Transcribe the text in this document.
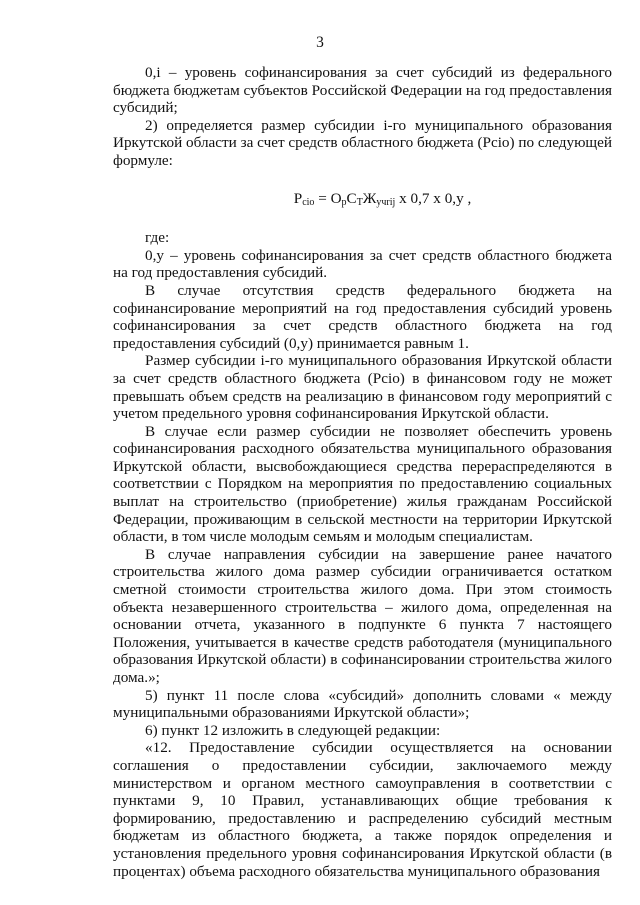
3

0,i – уровень софинансирования за счет субсидий из федерального бюджета бюджетам субъектов Российской Федерации на год предоставления субсидий;

2) определяется размер субсидии i-го муниципального образования Иркутской области за счет средств областного бюджета (Pcio) по следующей формуле:

$P_{cio} = O_pC_TЖ_{учrij}$ x 0,7 x 0,y ,

где:

0,y – уровень софинансирования за счет средств областного бюджета на год предоставления субсидий.

В случае отсутствия средств федерального бюджета на софинансирование мероприятий на год предоставления субсидий уровень софинансирования за счет средств областного бюджета на год предоставления субсидий (0,y) принимается равным 1.

Размер субсидии i-го муниципального образования Иркутской области за счет средств областного бюджета (Pcio) в финансовом году не может превышать объем средств на реализацию в финансовом году мероприятий с учетом предельного уровня софинансирования Иркутской области.

В случае если размер субсидии не позволяет обеспечить уровень софинансирования расходного обязательства муниципального образования Иркутской области, высвобождающиеся средства перераспределяются в соответствии с Порядком на мероприятия по предоставлению социальных выплат на строительство (приобретение) жилья гражданам Российской Федерации, проживающим в сельской местности на территории Иркутской области, в том числе молодым семьям и молодым специалистам.

В случае направления субсидии на завершение ранее начатого строительства жилого дома размер субсидии ограничивается остатком сметной стоимости строительства жилого дома. При этом стоимость объекта незавершенного строительства – жилого дома, определенная на основании отчета, указанного в подпункте 6 пункта 7 настоящего Положения, учитывается в качестве средств работодателя (муниципального образования Иркутской области) в софинансировании строительства жилого дома.»;

5) пункт 11 после слова «субсидий» дополнить словами « между муниципальными образованиями Иркутской области»;

6) пункт 12 изложить в следующей редакции:

«12. Предоставление субсидии осуществляется на основании соглашения о предоставлении субсидии, заключаемого между министерством и органом местного самоуправления в соответствии с пунктами 9, 10 Правил, устанавливающих общие требования к формированию, предоставлению и распределению субсидий местным бюджетам из областного бюджета, а также порядок определения и установления предельного уровня софинансирования Иркутской области (в процентах) объема расходного обязательства муниципального образования
